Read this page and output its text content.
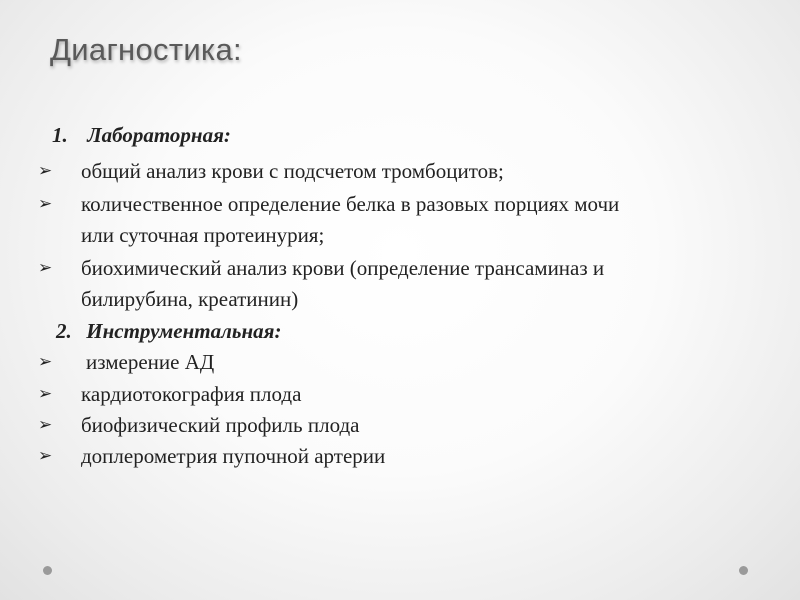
Диагностика:
1. Лабораторная:
➢ общий анализ крови с подсчетом тромбоцитов;
➢ количественное определение белка в разовых порциях мочи
или суточная протеинурия;
➢ биохимический анализ крови (определение трансаминаз и
билирубина, креатинин)
2. Инструментальная:
➢ измерение АД
➢ кардиотокография плода
➢ биофизический профиль плода
➢ доплерометрия пупочной артерии
